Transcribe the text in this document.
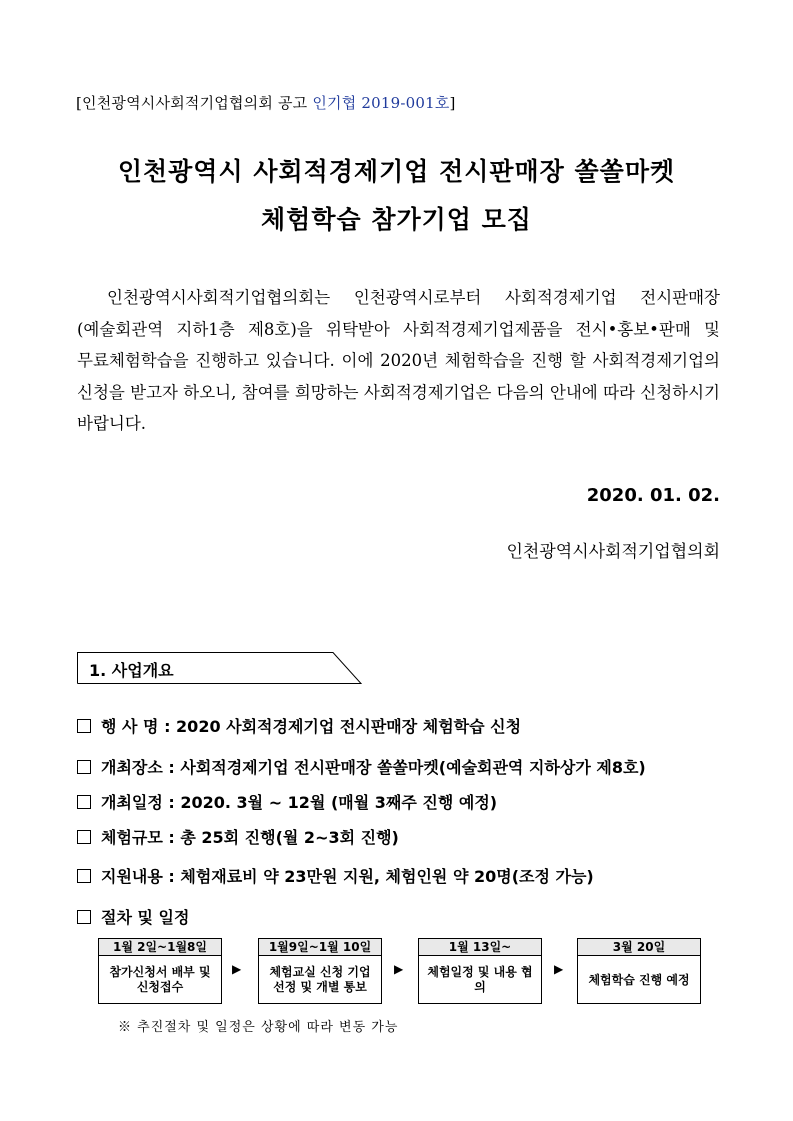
[인천광역시사회적기업협의회 공고 인기협 2019-001호]
인천광역시 사회적경제기업 전시판매장 쏠쏠마켓
체험학습 참가기업 모집
인천광역시사회적기업협의회는 인천광역시로부터 사회적경제기업 전시판매장(예술회관역 지하1층 제8호)을 위탁받아 사회적경제기업제품을 전시•홍보•판매 및 무료체험학습을 진행하고 있습니다. 이에 2020년 체험학습을 진행 할 사회적경제기업의 신청을 받고자 하오니, 참여를 희망하는 사회적경제기업은 다음의 안내에 따라 신청하시기 바랍니다.
2020. 01. 02.
인천광역시사회적기업협의회
1. 사업개요
행 사 명 : 2020 사회적경제기업 전시판매장 체험학습 신청
개최장소 : 사회적경제기업 전시판매장 쏠쏠마켓(예술회관역 지하상가 제8호)
개최일정 : 2020. 3월 ~ 12월 (매월 3째주 진행 예정)
체험규모 : 총 25회 진행(월 2~3회 진행)
지원내용 : 체험재료비 약 23만원 지원, 체험인원 약 20명(조정 가능)
절차 및 일정
1월 2일~1월8일
참가신청서 배부 및 신청접수
▶
1월9일~1월 10일
체험교실 신청 기업 선정 및 개별 통보
▶
1월 13일~
체험일정 및 내용 협의
▶
3월 20일
체험학습 진행 예정
※ 추진절차 및 일정은 상황에 따라 변동 가능
